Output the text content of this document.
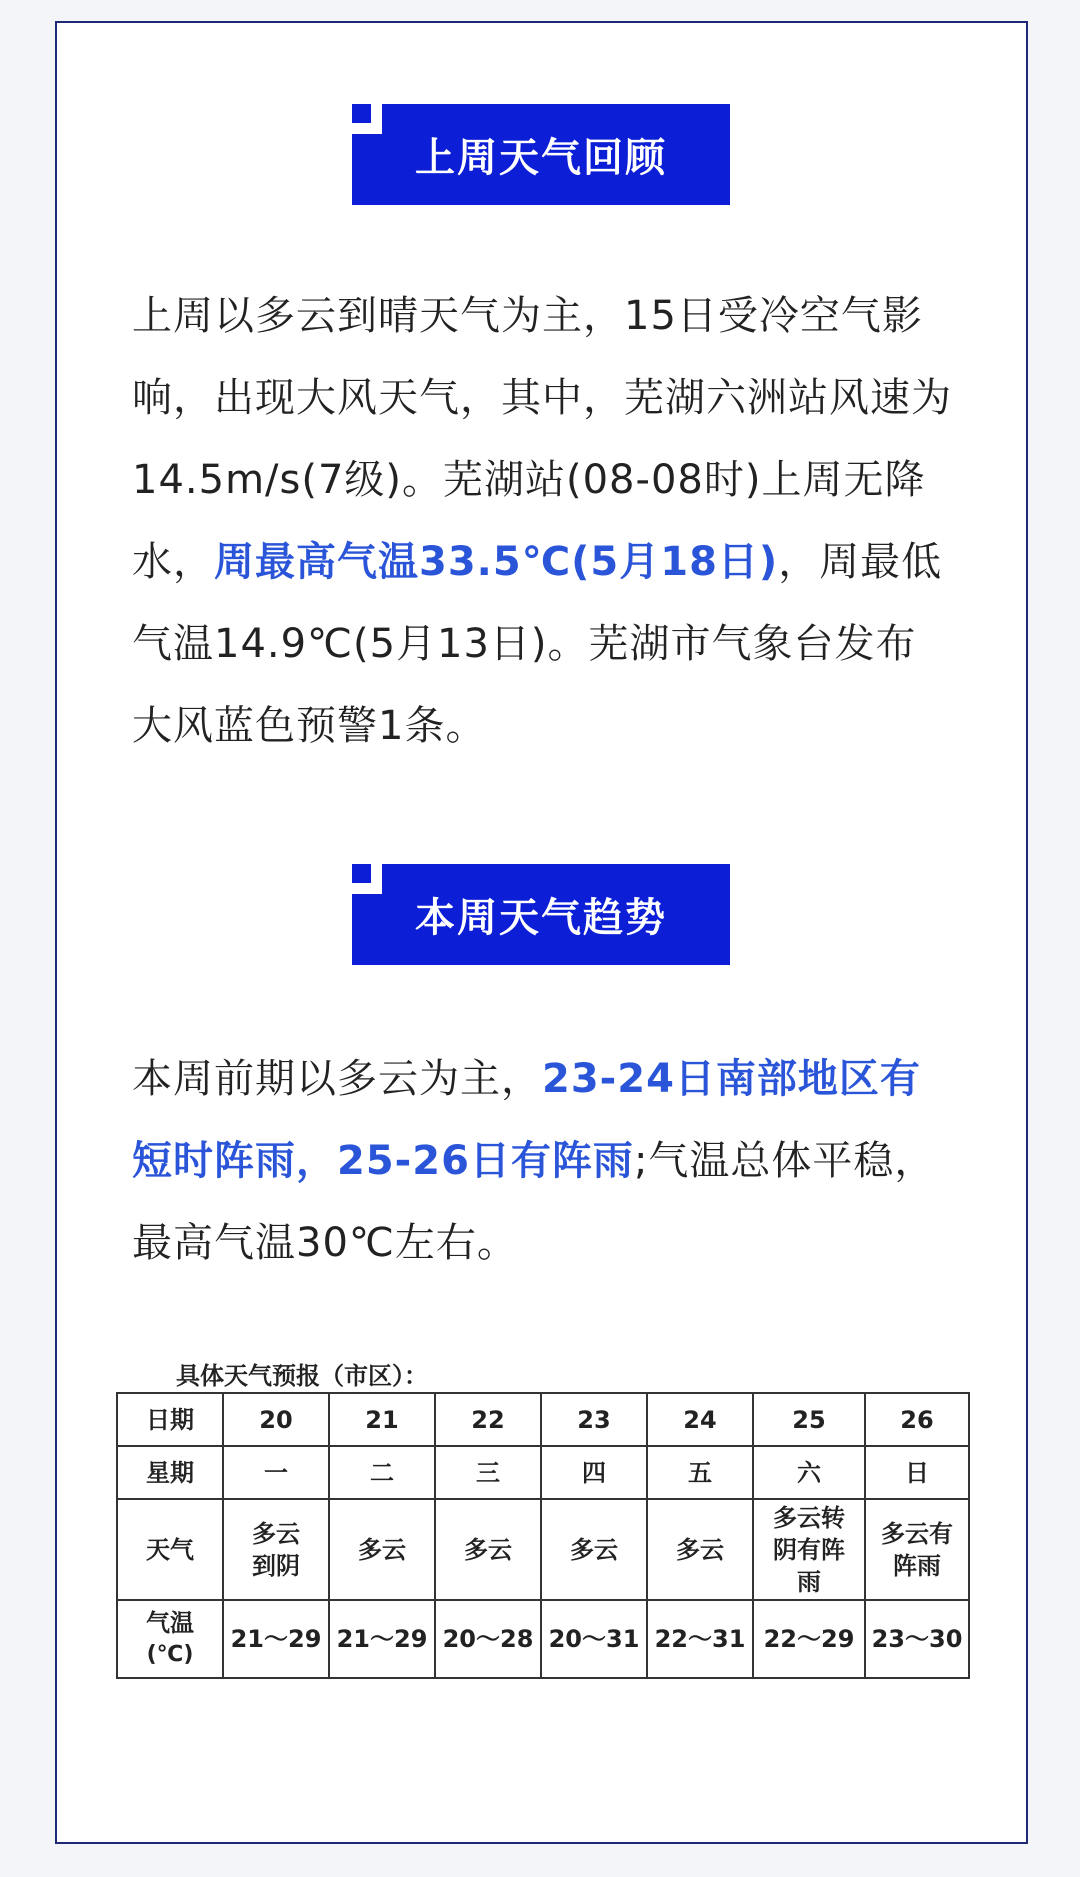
上周天气回顾

上周以多云到晴天气为主，15日受冷空气影响，出现大风天气，其中，芜湖六洲站风速为14.5m/s(7级)。芜湖站(08-08时)上周无降水，周最高气温33.5℃(5月18日)，周最低气温14.9℃(5月13日)。芜湖市气象台发布大风蓝色预警1条。

本周天气趋势

本周前期以多云为主，23-24日南部地区有短时阵雨，25-26日有阵雨;气温总体平稳，最高气温30℃左右。

具体天气预报（市区）：
日期	20	21	22	23	24	25	26
星期	一	二	三	四	五	六	日
天气	多云到阴	多云	多云	多云	多云	多云转阴有阵雨	多云有阵雨

气温
(℃)	21～29	21～29	20～28	20～31	22～31	22～29	23～30
